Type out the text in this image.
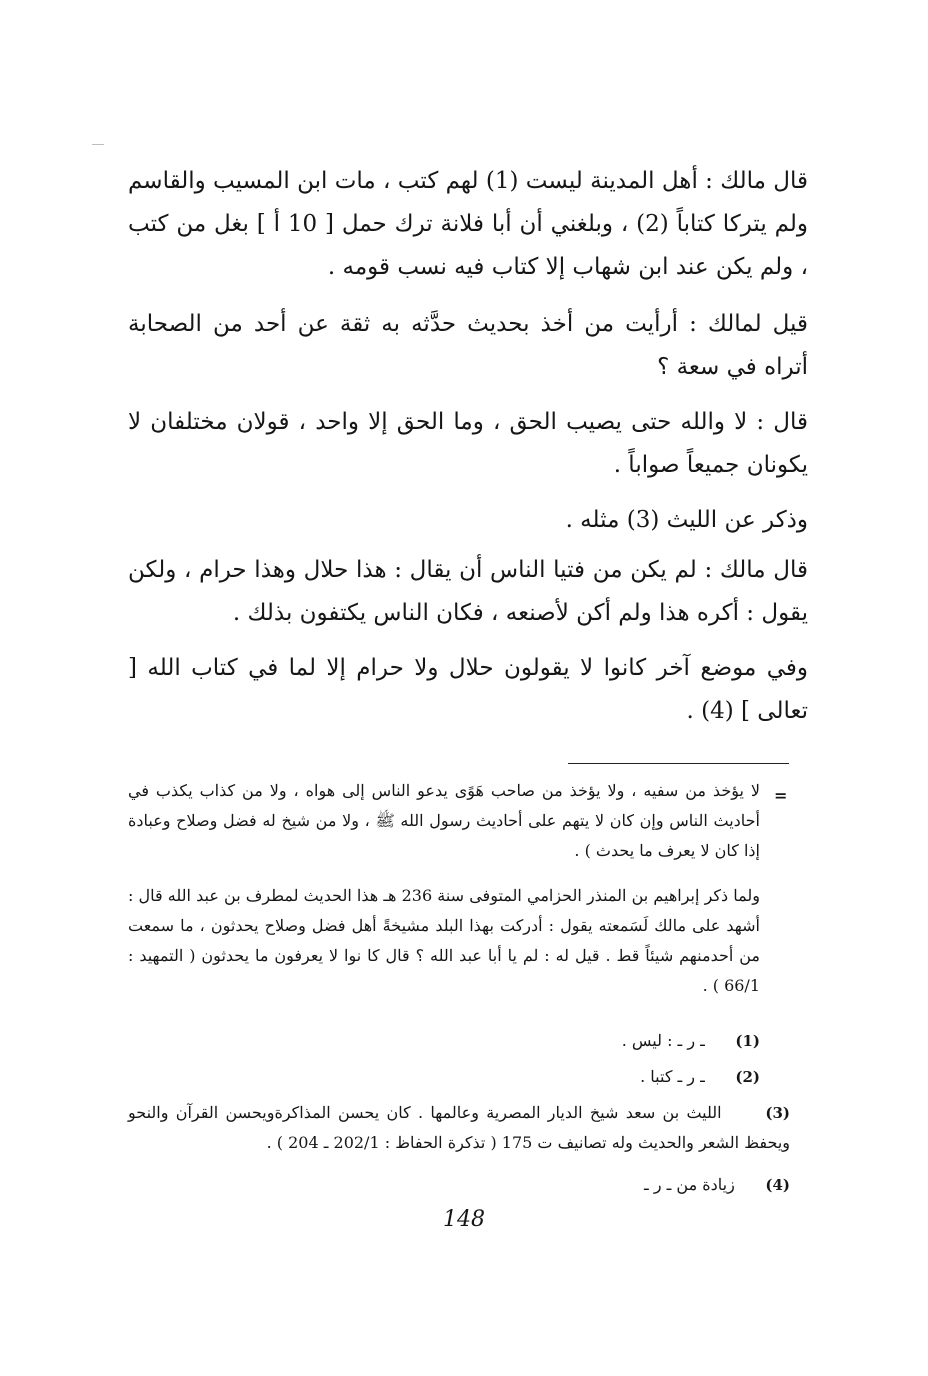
قال مالك : أهل المدينة ليست (1) لهم كتب ، مات ابن المسيب والقاسم ولم يتركا كتاباً (2) ، وبلغني أن أبا فلانة ترك حمل [ 10 أ ] بغل من كتب ، ولم يكن عند ابن شهاب إلا كتاب فيه نسب قومه .

قيل لمالك : أرأيت من أخذ بحديث حدَّثه به ثقة عن أحد من الصحابة أتراه في سعة ؟

قال : لا والله حتى يصيب الحق ، وما الحق إلا واحد ، قولان مختلفان لا يكونان جميعاً صواباً .

وذكر عن الليث (3) مثله .

قال مالك : لم يكن من فتيا الناس أن يقال : هذا حلال وهذا حرام ، ولكن يقول : أكره هذا ولم أكن لأصنعه ، فكان الناس يكتفون بذلك .

وفي موضع آخر كانوا لا يقولون حلال ولا حرام إلا لما في كتاب الله [ تعالى ] (4) .

=

لا يؤخذ من سفيه ، ولا يؤخذ من صاحب هَوًى يدعو الناس إلى هواه ، ولا من كذاب يكذب في أحاديث الناس وإن كان لا يتهم على أحاديث رسول الله ﷺ ، ولا من شيخ له فضل وصلاح وعبادة إذا كان لا يعرف ما يحدث ) .

ولما ذكر إبراهيم بن المنذر الحزامي المتوفى سنة 236 هـ هذا الحديث لمطرف بن عبد الله قال : أشهد على مالك لَسَمعته يقول : أدركت بهذا البلد مشيخةً أهل فضل وصلاح يحدثون ، ما سمعت من أحدمنهم شيئاً قط . قيل له : لم يا أبا عبد الله ؟ قال كا نوا لا يعرفون ما يحدثون ( التمهيد : 66/1 ) .

(1)      ـ ر ـ : ليس .

(2)      ـ ر ـ كتبا .

(3)      الليث بن سعد شيخ الديار المصرية وعالمها . كان يحسن المذاكرةويحسن القرآن والنحو ويحفظ الشعر والحديث وله تصانيف ت 175 ( تذكرة الحفاظ : 202/1 ـ 204 ) .

(4)      زيادة من ـ ر ـ

148
